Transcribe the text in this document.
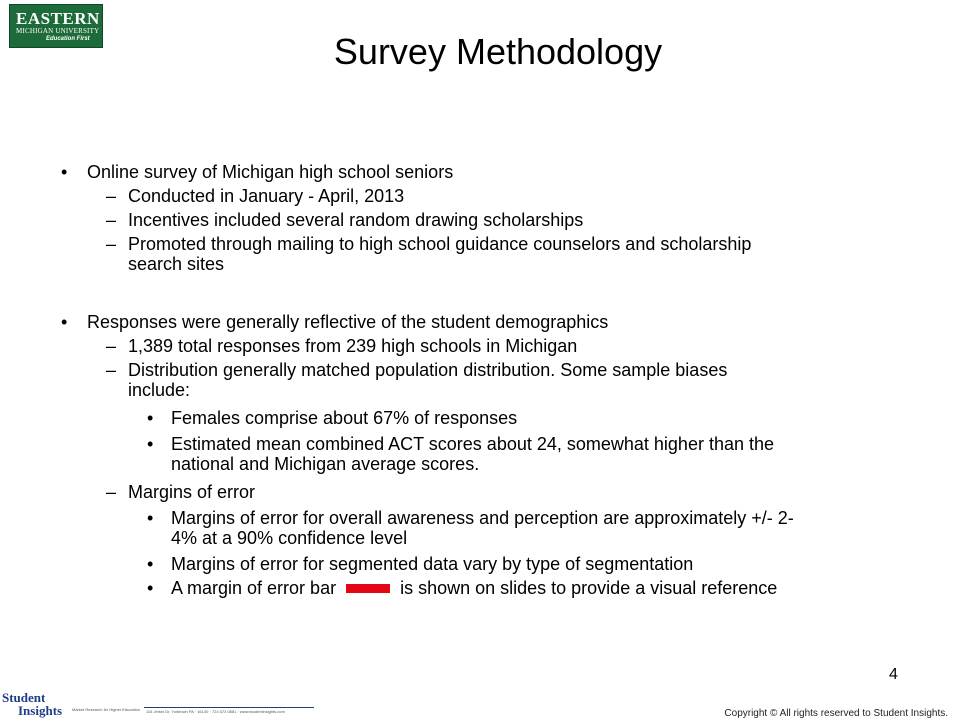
EASTERN
MICHIGAN UNIVERSITY
Education First	Survey Methodology
• Online survey of Michigan high school seniors
– Conducted in January - April, 2013
– Incentives included several random drawing scholarships
– Promoted through mailing to high school guidance counselors and scholarship
search sites
• Responses were generally reflective of the student demographics
– 1,389 total responses from 239 high schools in Michigan
– Distribution generally matched population distribution. Some sample biases
include:
• Females comprise about 67% of responses
• Estimated mean combined ACT scores about 24, somewhat higher than the
national and Michigan average scores.
– Margins of error
• Margins of error for overall awareness and perception are approximately +/- 2-
4% at a 90% confidence level
• Margins of error for segmented data vary by type of segmentation
• A margin of error bar	is shown on slides to provide a visual reference
4
Student
Insights Market Research for Higher Education 116 Jerkin Dr, Yorktown PA · 16140 · 724 673 0881 · www.studentinsights.com	Copyright © All rights reserved to Student Insights.
